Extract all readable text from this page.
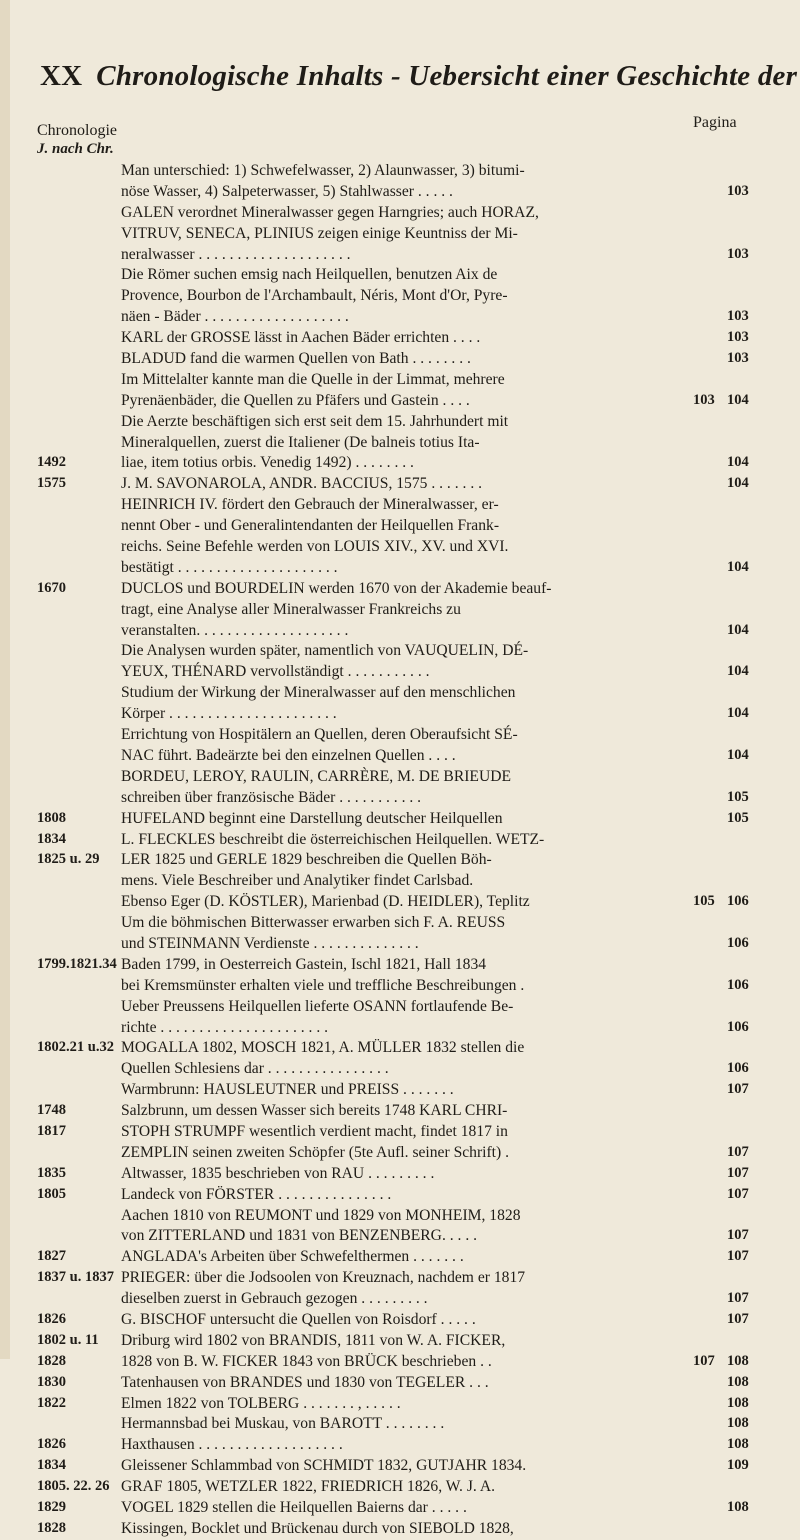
XX Chronologische Inhalts - Uebersicht einer Geschichte der
Chronologie
J. nach Chr.
Pagina
Man unterschied: 1) Schwefelwasser, 2) Alaunwasser, 3) bitumi-
nöse Wasser, 4) Salpeterwasser, 5) Stahlwasser . . . . .	103
GALEN verordnet Mineralwasser gegen Harngries; auch HORAZ,
VITRUV, SENECA, PLINIUS zeigen einige Keuntniss der Mi-
neralwasser . . . . . . . . . . . . . . . . . . . .	103
Die Römer suchen emsig nach Heilquellen, benutzen Aix de
Provence, Bourbon de l'Archambault, Néris, Mont d'Or, Pyre-
näen - Bäder . . . . . . . . . . . . . . . . . . .	103
KARL der GROSSE lässt in Aachen Bäder errichten . . . .	103
BLADUD fand die warmen Quellen von Bath . . . . . . . .	103
Im Mittelalter kannte man die Quelle in der Limmat, mehrere
Pyrenäenbäder, die Quellen zu Pfäfers und Gastein . . . .	103 104
Die Aerzte beschäftigen sich erst seit dem 15. Jahrhundert mit
Mineralquellen, zuerst die Italiener (De balneis totius Ita-
1492	liae, item totius orbis. Venedig 1492) . . . . . . . .	104
1575	J. M. SAVONAROLA, ANDR. BACCIUS, 1575 . . . . . . .	104
HEINRICH IV. fördert den Gebrauch der Mineralwasser, er-
nennt Ober - und Generalintendanten der Heilquellen Frank-
reichs. Seine Befehle werden von LOUIS XIV., XV. und XVI.
bestätigt . . . . . . . . . . . . . . . . . . . . .	104
1670	DUCLOS und BOURDELIN werden 1670 von der Akademie beauf-
tragt, eine Analyse aller Mineralwasser Frankreichs zu
veranstalten. . . . . . . . . . . . . . . . . . . .	104
Die Analysen wurden später, namentlich von VAUQUELIN, DÉ-
YEUX, THÉNARD vervollständigt . . . . . . . . . . .	104
Studium der Wirkung der Mineralwasser auf den menschlichen
Körper . . . . . . . . . . . . . . . . . . . . . .	104
Errichtung von Hospitälern an Quellen, deren Oberaufsicht SÉ-
NAC führt. Badeärzte bei den einzelnen Quellen . . . .	104
BORDEU, LEROY, RAULIN, CARRÈRE, M. DE BRIEUDE
schreiben über französische Bäder . . . . . . . . . . .	105
1808	HUFELAND beginnt eine Darstellung deutscher Heilquellen	105
1834	L. FLECKLES beschreibt die österreichischen Heilquellen. WETZ-
1825 u. 29 LER 1825 und GERLE 1829 beschreiben die Quellen Böh-
mens. Viele Beschreiber und Analytiker findet Carlsbad.
Ebenso Eger (D. KÖSTLER), Marienbad (D. HEIDLER), Teplitz	105 106
Um die böhmischen Bitterwasser erwarben sich F. A. REUSS
und STEINMANN Verdienste . . . . . . . . . . . . . .	106
1799.1821.34 Baden 1799, in Oesterreich Gastein, Ischl 1821, Hall 1834
bei Kremsmünster erhalten viele und treffliche Beschreibungen .	106
Ueber Preussens Heilquellen lieferte OSANN fortlaufende Be-
richte . . . . . . . . . . . . . . . . . . . . . .	106
1802.21 u.32 MOGALLA 1802, MOSCH 1821, A. MÜLLER 1832 stellen die
Quellen Schlesiens dar . . . . . . . . . . . . . . . .	106
Warmbrunn: HAUSLEUTNER und PREISS . . . . . . .	107
1748	Salzbrunn, um dessen Wasser sich bereits 1748 KARL CHRI-
1817	STOPH STRUMPF wesentlich verdient macht, findet 1817 in
ZEMPLIN seinen zweiten Schöpfer (5te Aufl. seiner Schrift) .	107
1835	Altwasser, 1835 beschrieben von RAU . . . . . . . . .	107
1805	Landeck von FÖRSTER . . . . . . . . . . . . . . .	107
Aachen 1810 von REUMONT und 1829 von MONHEIM, 1828
von ZITTERLAND und 1831 von BENZENBERG. . . . .	107
1827	ANGLADA's Arbeiten über Schwefelthermen . . . . . . .	107
1837 u. 1837 PRIEGER: über die Jodsoolen von Kreuznach, nachdem er 1817
dieselben zuerst in Gebrauch gezogen . . . . . . . . .	107
1826	G. BISCHOF untersucht die Quellen von Roisdorf . . . . .	107
1802 u. 11 Driburg wird 1802 von BRANDIS, 1811 von W. A. FICKER,
1828	1828 von B. W. FICKER 1843 von BRÜCK beschrieben . .	107 108
1830	Tatenhausen von BRANDES und 1830 von TEGELER . . .	108
1822	Elmen 1822 von TOLBERG . . . . . . . , . . . . .	108
Hermannsbad bei Muskau, von BAROTT . . . . . . . .	108
1826	Haxthausen . . . . . . . . . . . . . . . . . . .	108
1834	Gleissener Schlammbad von SCHMIDT 1832, GUTJAHR 1834.	109
1805. 22. 26 GRAF 1805, WETZLER 1822, FRIEDRICH 1826, W. J. A.
1829	VOGEL 1829 stellen die Heilquellen Baierns dar . . . . .	108
1828	Kissingen, Bocklet und Brückenau durch von SIEBOLD 1828,
